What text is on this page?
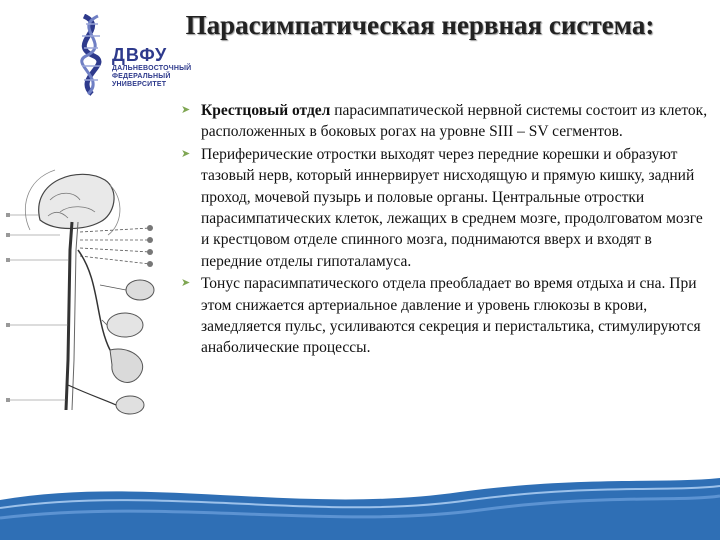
ДВФУ
ДАЛЬНЕВОСТОЧНЫЙ
ФЕДЕРАЛЬНЫЙ
УНИВЕРСИТЕТ
Парасимпатическая нервная система:
➤ Крестцовый отдел парасимпатической нервной системы состоит из клеток, расположенных в боковых рогах на уровне SIII – SV сегментов.
➤ Периферические отростки выходят через передние корешки и образуют тазовый нерв, который иннервирует нисходящую и прямую кишку, задний проход, мочевой пузырь и половые органы. Центральные отростки парасимпатических клеток, лежащих в среднем мозге, продолговатом мозге и крестцовом отделе спинного мозга, поднимаются вверх и входят в передние отделы гипоталамуса.
➤ Тонус парасимпатического отдела преобладает во время отдыха и сна. При этом снижается артериальное давление и уровень глюкозы в крови, замедляется пульс, усиливаются секреция и перистальтика, стимулируются анаболические процессы.
